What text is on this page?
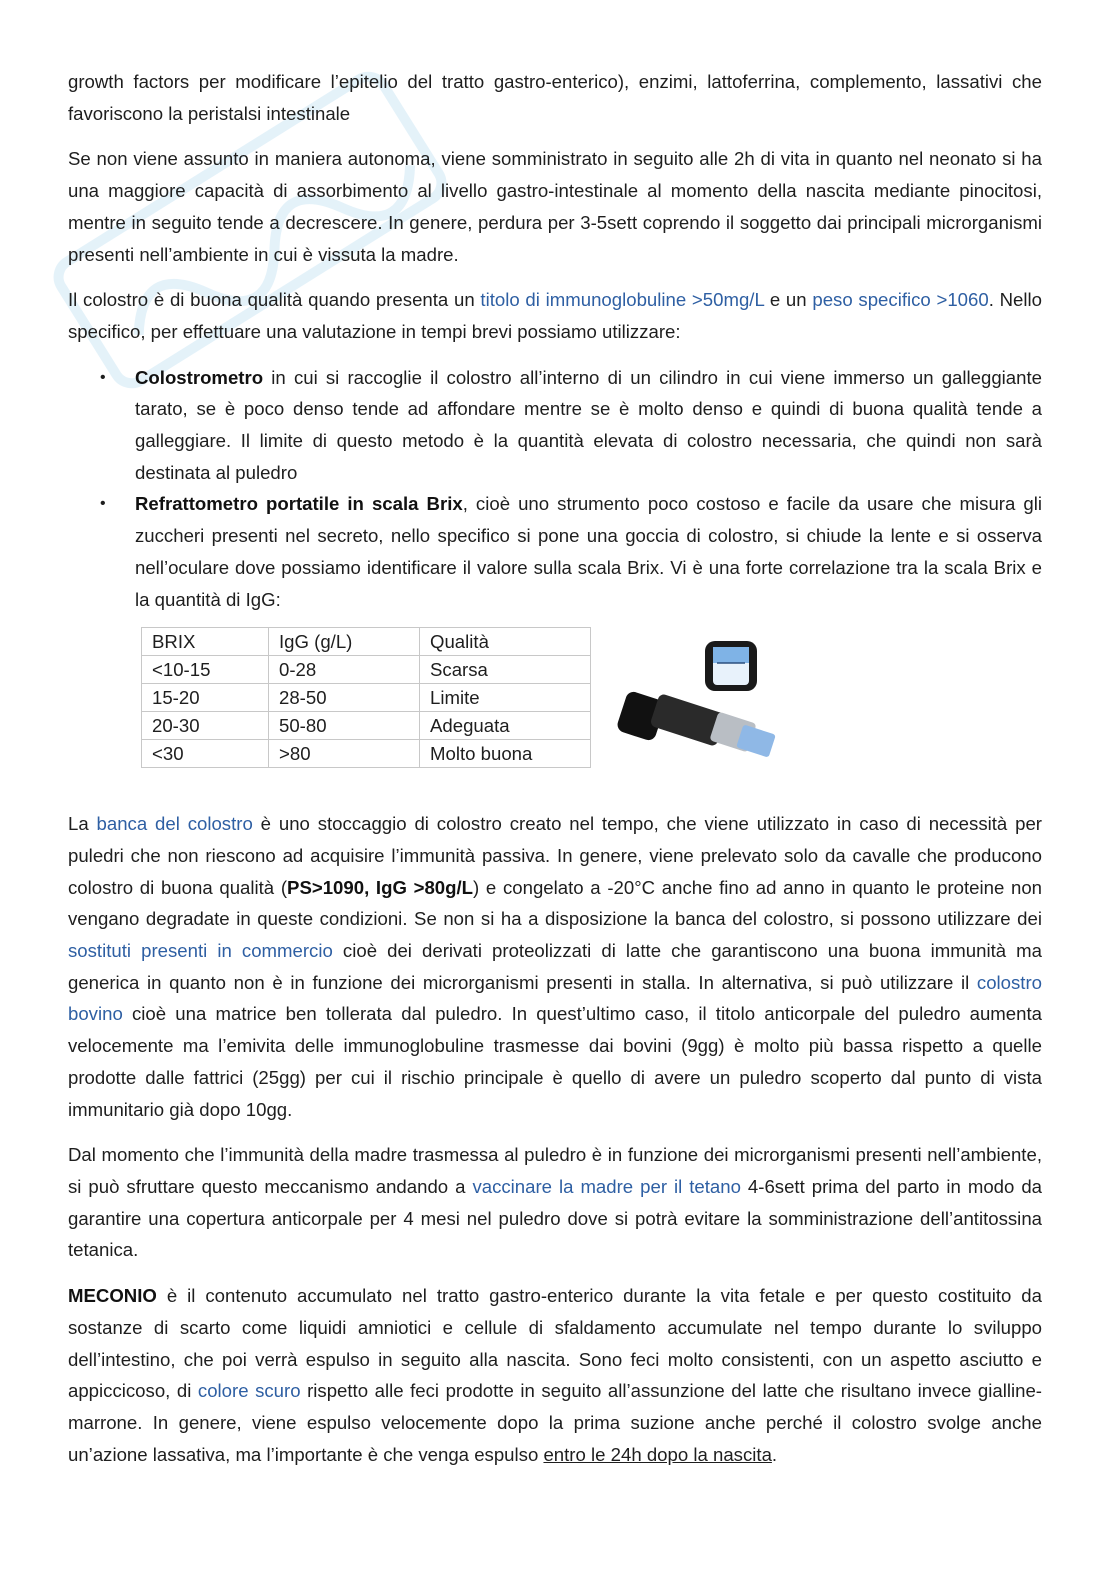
growth factors per modificare l’epitelio del tratto gastro-enterico), enzimi, lattoferrina, complemento, lassativi che favoriscono la peristalsi intestinale

Se non viene assunto in maniera autonoma, viene somministrato in seguito alle 2h di vita in quanto nel neonato si ha una maggiore capacità di assorbimento al livello gastro-intestinale al momento della nascita mediante pinocitosi, mentre in seguito tende a decrescere. In genere, perdura per 3-5sett coprendo il soggetto dai principali microrganismi presenti nell’ambiente in cui è vissuta la madre.

Il colostro è di buona qualità quando presenta un titolo di immunoglobuline >50mg/L e un peso specifico >1060. Nello specifico, per effettuare una valutazione in tempi brevi possiamo utilizzare:

• Colostrometro in cui si raccoglie il colostro all’interno di un cilindro in cui viene immerso un galleggiante tarato, se è poco denso tende ad affondare mentre se è molto denso e quindi di buona qualità tende a galleggiare. Il limite di questo metodo è la quantità elevata di colostro necessaria, che quindi non sarà destinata al puledro
• Refrattometro portatile in scala Brix, cioè uno strumento poco costoso e facile da usare che misura gli zuccheri presenti nel secreto, nello specifico si pone una goccia di colostro, si chiude la lente e si osserva nell’oculare dove possiamo identificare il valore sulla scala Brix. Vi è una forte correlazione tra la scala Brix e la quantità di IgG:
BRIX	IgG (g/L)	Qualità
<10-15	0-28	Scarsa
15-20	28-50	Limite
20-30	50-80	Adeguata
<30	>80	Molto buona

La banca del colostro è uno stoccaggio di colostro creato nel tempo, che viene utilizzato in caso di necessità per puledri che non riescono ad acquisire l’immunità passiva. In genere, viene prelevato solo da cavalle che producono colostro di buona qualità (PS>1090, IgG >80g/L) e congelato a -20°C anche fino ad anno in quanto le proteine non vengano degradate in queste condizioni. Se non si ha a disposizione la banca del colostro, si possono utilizzare dei sostituti presenti in commercio cioè dei derivati proteolizzati di latte che garantiscono una buona immunità ma generica in quanto non è in funzione dei microrganismi presenti in stalla. In alternativa, si può utilizzare il colostro bovino cioè una matrice ben tollerata dal puledro. In quest’ultimo caso, il titolo anticorpale del puledro aumenta velocemente ma l’emivita delle immunoglobuline trasmesse dai bovini (9gg) è molto più bassa rispetto a quelle prodotte dalle fattrici (25gg) per cui il rischio principale è quello di avere un puledro scoperto dal punto di vista immunitario già dopo 10gg.

Dal momento che l’immunità della madre trasmessa al puledro è in funzione dei microrganismi presenti nell’ambiente, si può sfruttare questo meccanismo andando a vaccinare la madre per il tetano 4-6sett prima del parto in modo da garantire una copertura anticorpale per 4 mesi nel puledro dove si potrà evitare la somministrazione dell’antitossina tetanica.

MECONIO è il contenuto accumulato nel tratto gastro-enterico durante la vita fetale e per questo costituito da sostanze di scarto come liquidi amniotici e cellule di sfaldamento accumulate nel tempo durante lo sviluppo dell’intestino, che poi verrà espulso in seguito alla nascita. Sono feci molto consistenti, con un aspetto asciutto e appiccicoso, di colore scuro rispetto alle feci prodotte in seguito all’assunzione del latte che risultano invece gialline-marrone. In genere, viene espulso velocemente dopo la prima suzione anche perché il colostro svolge anche un’azione lassativa, ma l’importante è che venga espulso entro le 24h dopo la nascita.
